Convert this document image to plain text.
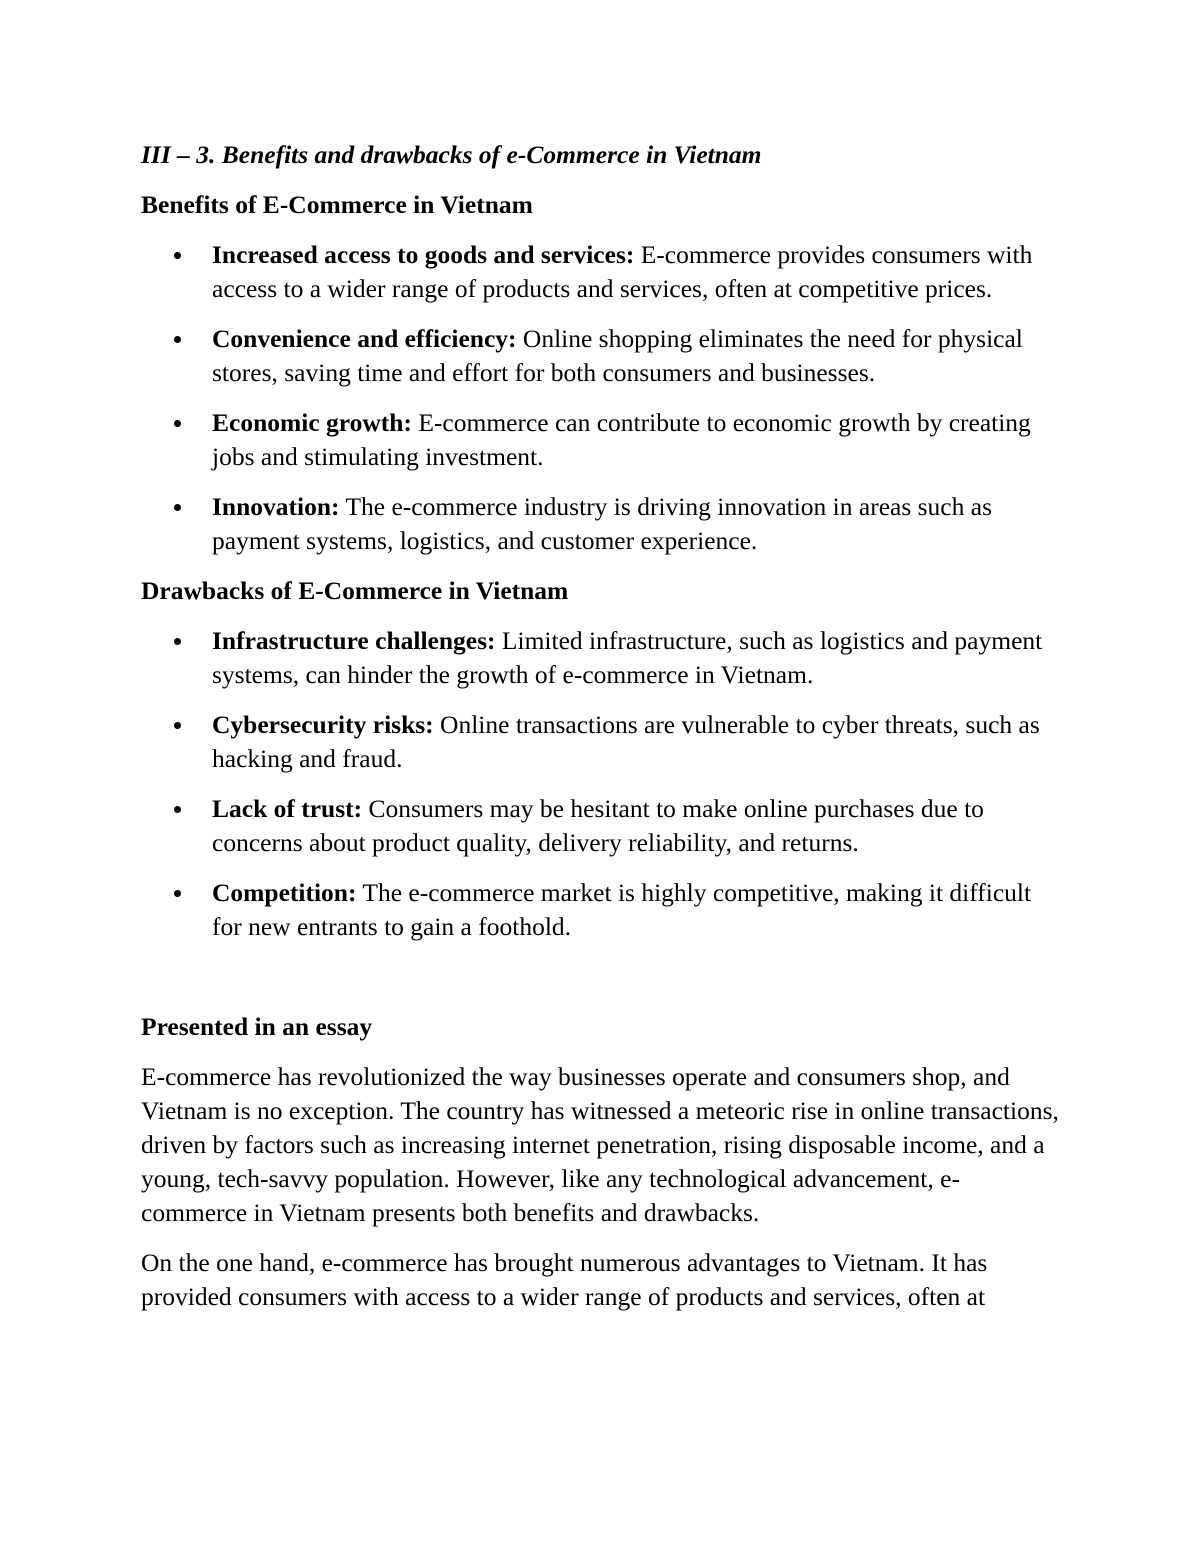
III – 3. Benefits and drawbacks of e-Commerce in Vietnam
Benefits of E-Commerce in Vietnam
Increased access to goods and services: E-commerce provides consumers with access to a wider range of products and services, often at competitive prices.
Convenience and efficiency: Online shopping eliminates the need for physical stores, saving time and effort for both consumers and businesses.
Economic growth: E-commerce can contribute to economic growth by creating jobs and stimulating investment.
Innovation: The e-commerce industry is driving innovation in areas such as payment systems, logistics, and customer experience.
Drawbacks of E-Commerce in Vietnam
Infrastructure challenges: Limited infrastructure, such as logistics and payment systems, can hinder the growth of e-commerce in Vietnam.
Cybersecurity risks: Online transactions are vulnerable to cyber threats, such as hacking and fraud.
Lack of trust: Consumers may be hesitant to make online purchases due to concerns about product quality, delivery reliability, and returns.
Competition: The e-commerce market is highly competitive, making it difficult for new entrants to gain a foothold.
Presented in an essay

E-commerce has revolutionized the way businesses operate and consumers shop, and Vietnam is no exception. The country has witnessed a meteoric rise in online transactions, driven by factors such as increasing internet penetration, rising disposable income, and a young, tech-savvy population. However, like any technological advancement, e-commerce in Vietnam presents both benefits and drawbacks.

On the one hand, e-commerce has brought numerous advantages to Vietnam. It has provided consumers with access to a wider range of products and services, often at
